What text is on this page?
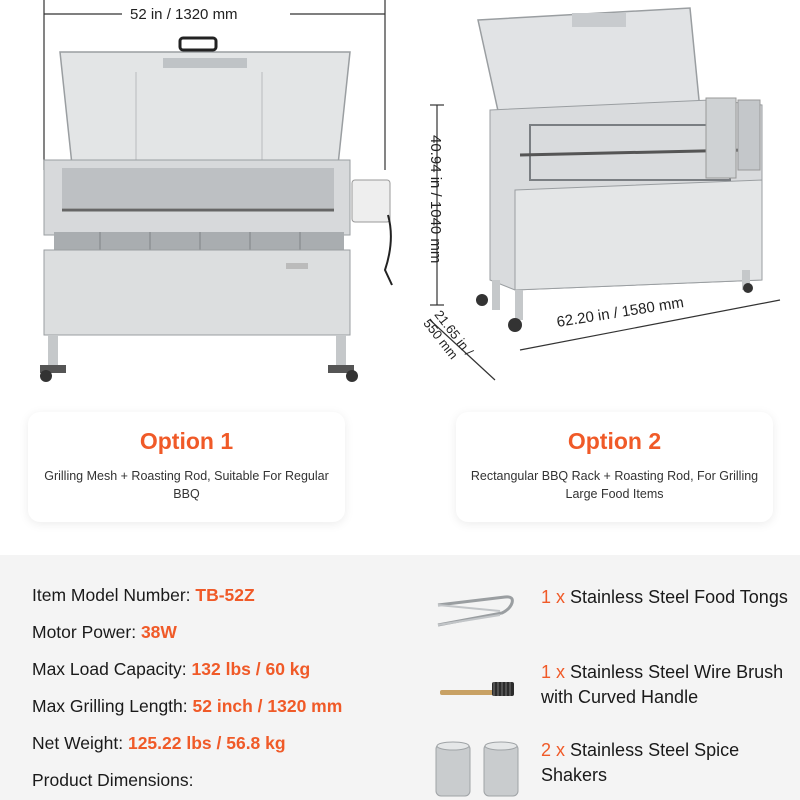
52 in / 1320 mm
40.94 in / 1040 mm
62.20 in / 1580 mm
21.65 in / 550 mm
Option 1
Grilling Mesh + Roasting Rod, Suitable For Regular BBQ
Option 2
Rectangular BBQ Rack + Roasting Rod, For Grilling Large Food Items
Item Model Number: TB-52Z
Motor Power: 38W
Max Load Capacity: 132 lbs / 60 kg
Max Grilling Length: 52 inch / 1320 mm
Net Weight: 125.22 lbs / 56.8 kg
Product Dimensions:
1 x Stainless Steel Food Tongs
1 x Stainless Steel Wire Brush with Curved Handle
2 x Stainless Steel Spice Shakers
